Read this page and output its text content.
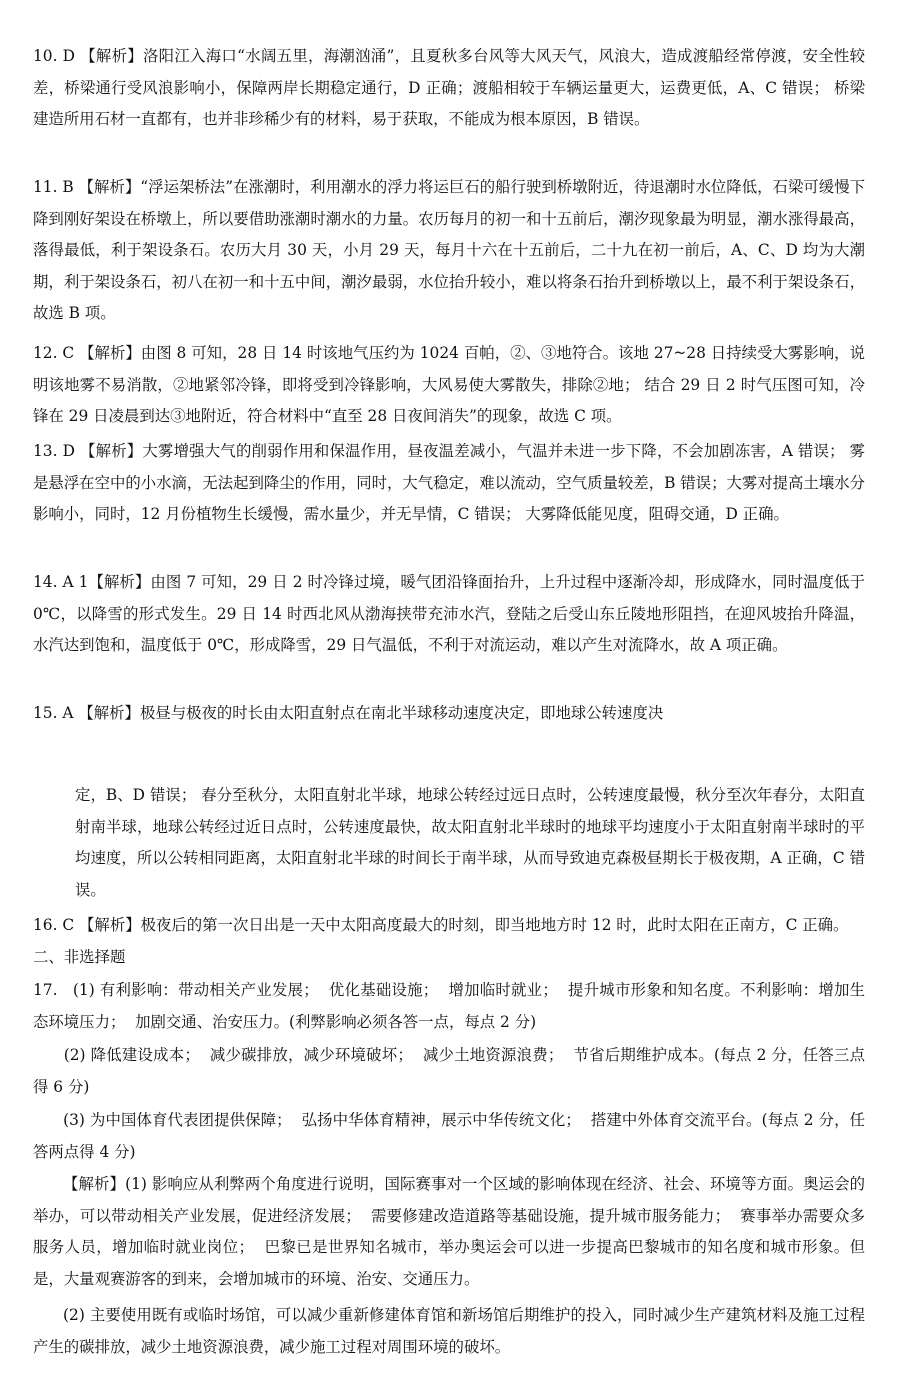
10. D 【解析】洛阳江入海口“水阔五里，海潮汹涌”，且夏秋多台风等大风天气，风浪大，造成渡船经常停渡，安全性较差，桥梁通行受风浪影响小，保障两岸长期稳定通行，D 正确；渡船相较于车辆运量更大，运费更低，A、C 错误； 桥梁建造所用石材一直都有，也并非珍稀少有的材料，易于获取，不能成为根本原因，B 错误。

11. B 【解析】“浮运架桥法”在涨潮时，利用潮水的浮力将运巨石的船行驶到桥墩附近，待退潮时水位降低，石梁可缓慢下降到刚好架设在桥墩上，所以要借助涨潮时潮水的力量。农历每月的初一和十五前后，潮汐现象最为明显，潮水涨得最高，落得最低，利于架设条石。农历大月 30 天，小月 29 天，每月十六在十五前后，二十九在初一前后，A、C、D 均为大潮期，利于架设条石，初八在初一和十五中间，潮汐最弱，水位抬升较小，难以将条石抬升到桥墩以上，最不利于架设条石，故选 B 项。

12. C 【解析】由图 8 可知，28 日 14 时该地气压约为 1024 百帕，②、③地符合。该地 27~28 日持续受大雾影响，说明该地雾不易消散，②地紧邻冷锋，即将受到冷锋影响，大风易使大雾散失，排除②地； 结合 29 日 2 时气压图可知，冷锋在 29 日凌晨到达③地附近，符合材料中“直至 28 日夜间消失”的现象，故选 C 项。

13. D 【解析】大雾增强大气的削弱作用和保温作用，昼夜温差减小，气温并未进一步下降，不会加剧冻害，A 错误； 雾是悬浮在空中的小水滴，无法起到降尘的作用，同时，大气稳定，难以流动，空气质量较差，B 错误；大雾对提高土壤水分影响小，同时，12 月份植物生长缓慢，需水量少，并无旱情，C 错误； 大雾降低能见度，阻碍交通，D 正确。

14. A 1【解析】由图 7 可知，29 日 2 时冷锋过境，暖气团沿锋面抬升，上升过程中逐渐冷却，形成降水，同时温度低于 0℃，以降雪的形式发生。29 日 14 时西北风从渤海挟带充沛水汽，登陆之后受山东丘陵地形阻挡，在迎风坡抬升降温，水汽达到饱和，温度低于 0℃，形成降雪，29 日气温低，不利于对流运动，难以产生对流降水，故 A 项正确。

15. A 【解析】极昼与极夜的时长由太阳直射点在南北半球移动速度决定，即地球公转速度决

定，B、D 错误； 春分至秋分，太阳直射北半球，地球公转经过远日点时，公转速度最慢，秋分至次年春分，太阳直射南半球，地球公转经过近日点时，公转速度最快，故太阳直射北半球时的地球平均速度小于太阳直射南半球时的平均速度，所以公转相同距离，太阳直射北半球的时间长于南半球，从而导致迪克森极昼期长于极夜期，A 正确，C 错误。

16. C 【解析】极夜后的第一次日出是一天中太阳高度最大的时刻，即当地地方时 12 时，此时太阳在正南方，C 正确。

二、非选择题

17.   (1) 有利影响：带动相关产业发展；  优化基础设施；  增加临时就业；  提升城市形象和知名度。不利影响：增加生态环境压力；  加剧交通、治安压力。(利弊影响必须各答一点，每点 2 分)

(2) 降低建设成本；  减少碳排放，减少环境破坏；  减少土地资源浪费；  节省后期维护成本。(每点 2 分，任答三点得 6 分)

(3) 为中国体育代表团提供保障；  弘扬中华体育精神，展示中华传统文化；  搭建中外体育交流平台。(每点 2 分，任答两点得 4 分)

【解析】(1) 影响应从利弊两个角度进行说明，国际赛事对一个区域的影响体现在经济、社会、环境等方面。奥运会的举办，可以带动相关产业发展，促进经济发展；  需要修建改造道路等基础设施，提升城市服务能力；  赛事举办需要众多服务人员，增加临时就业岗位；  巴黎已是世界知名城市，举办奥运会可以进一步提高巴黎城市的知名度和城市形象。但是，大量观赛游客的到来，会增加城市的环境、治安、交通压力。

(2) 主要使用既有或临时场馆，可以减少重新修建体育馆和新场馆后期维护的投入，同时减少生产建筑材料及施工过程产生的碳排放，减少土地资源浪费，减少施工过程对周围环境的破坏。
